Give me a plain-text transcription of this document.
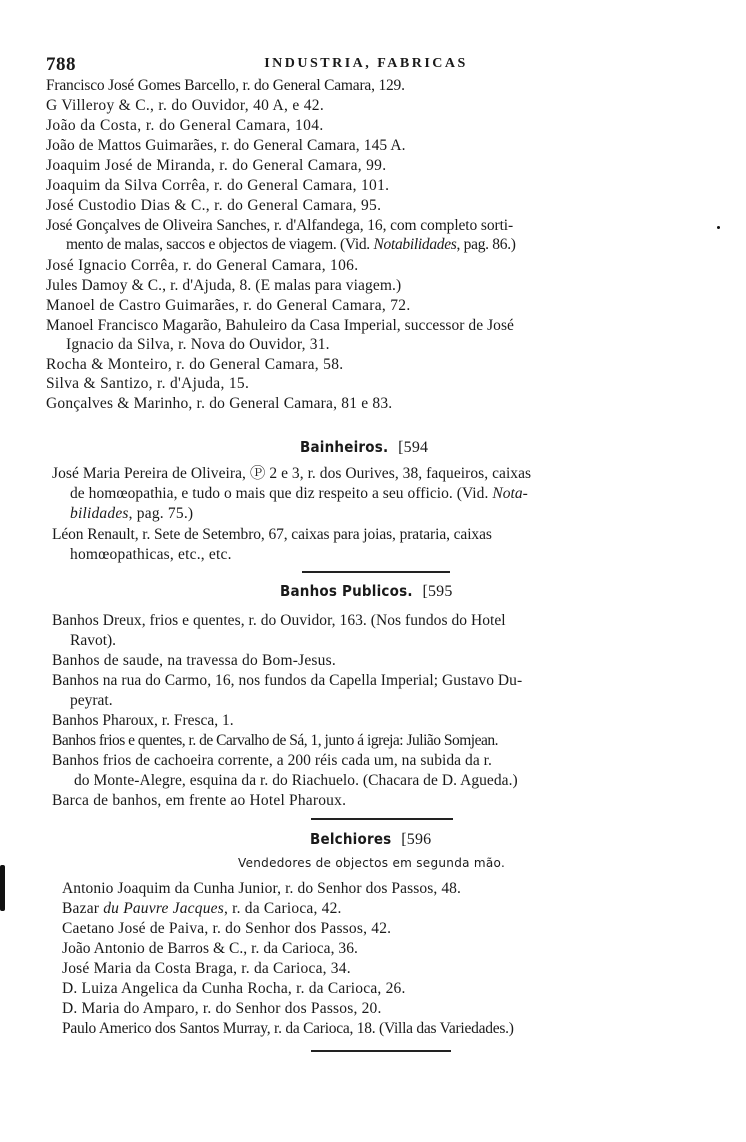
788	INDUSTRIA, FABRICAS
Francisco José Gomes Barcello, r. do General Camara, 129.
G Villeroy & C., r. do Ouvidor, 40 A, e 42.
João da Costa, r. do General Camara, 104.
João de Mattos Guimarães, r. do General Camara, 145 A.
Joaquim José de Miranda, r. do General Camara, 99.
Joaquim da Silva Corrêa, r. do General Camara, 101.
José Custodio Dias & C., r. do General Camara, 95.
José Gonçalves de Oliveira Sanches, r. d'Alfandega, 16, com completo sorti-
mento de malas, saccos e objectos de viagem. (Vid. Notabilidades, pag. 86.)
José Ignacio Corrêa, r. do General Camara, 106.
Jules Damoy & C., r. d'Ajuda, 8. (E malas para viagem.)
Manoel de Castro Guimarães, r. do General Camara, 72.
Manoel Francisco Magarão, Bahuleiro da Casa Imperial, successor de José
Ignacio da Silva, r. Nova do Ouvidor, 31.
Rocha & Monteiro, r. do General Camara, 58.
Silva & Santizo, r. d'Ajuda, 15.
Gonçalves & Marinho, r. do General Camara, 81 e 83.
Bainheiros. [594
José Maria Pereira de Oliveira, Ⓟ 2 e 3, r. dos Ourives, 38, faqueiros, caixas
de homœopathia, e tudo o mais que diz respeito a seu officio. (Vid. Nota-
bilidades, pag. 75.)
Léon Renault, r. Sete de Setembro, 67, caixas para joias, prataria, caixas
homœopathicas, etc., etc.
Banhos Publicos. [595
Banhos Dreux, frios e quentes, r. do Ouvidor, 163. (Nos fundos do Hotel
Ravot).
Banhos de saude, na travessa do Bom-Jesus.
Banhos na rua do Carmo, 16, nos fundos da Capella Imperial; Gustavo Du-
peyrat.
Banhos Pharoux, r. Fresca, 1.
Banhos frios e quentes, r. de Carvalho de Sá, 1, junto á igreja: Julião Somjean.
Banhos frios de cachoeira corrente, a 200 réis cada um, na subida da r.
do Monte-Alegre, esquina da r. do Riachuelo. (Chacara de D. Agueda.)
Barca de banhos, em frente ao Hotel Pharoux.
Belchiores [596
Vendedores de objectos em segunda mão.
Antonio Joaquim da Cunha Junior, r. do Senhor dos Passos, 48.
Bazar du Pauvre Jacques, r. da Carioca, 42.
Caetano José de Paiva, r. do Senhor dos Passos, 42.
João Antonio de Barros & C., r. da Carioca, 36.
José Maria da Costa Braga, r. da Carioca, 34.
D. Luiza Angelica da Cunha Rocha, r. da Carioca, 26.
D. Maria do Amparo, r. do Senhor dos Passos, 20.
Paulo Americo dos Santos Murray, r. da Carioca, 18. (Villa das Variedades.)
